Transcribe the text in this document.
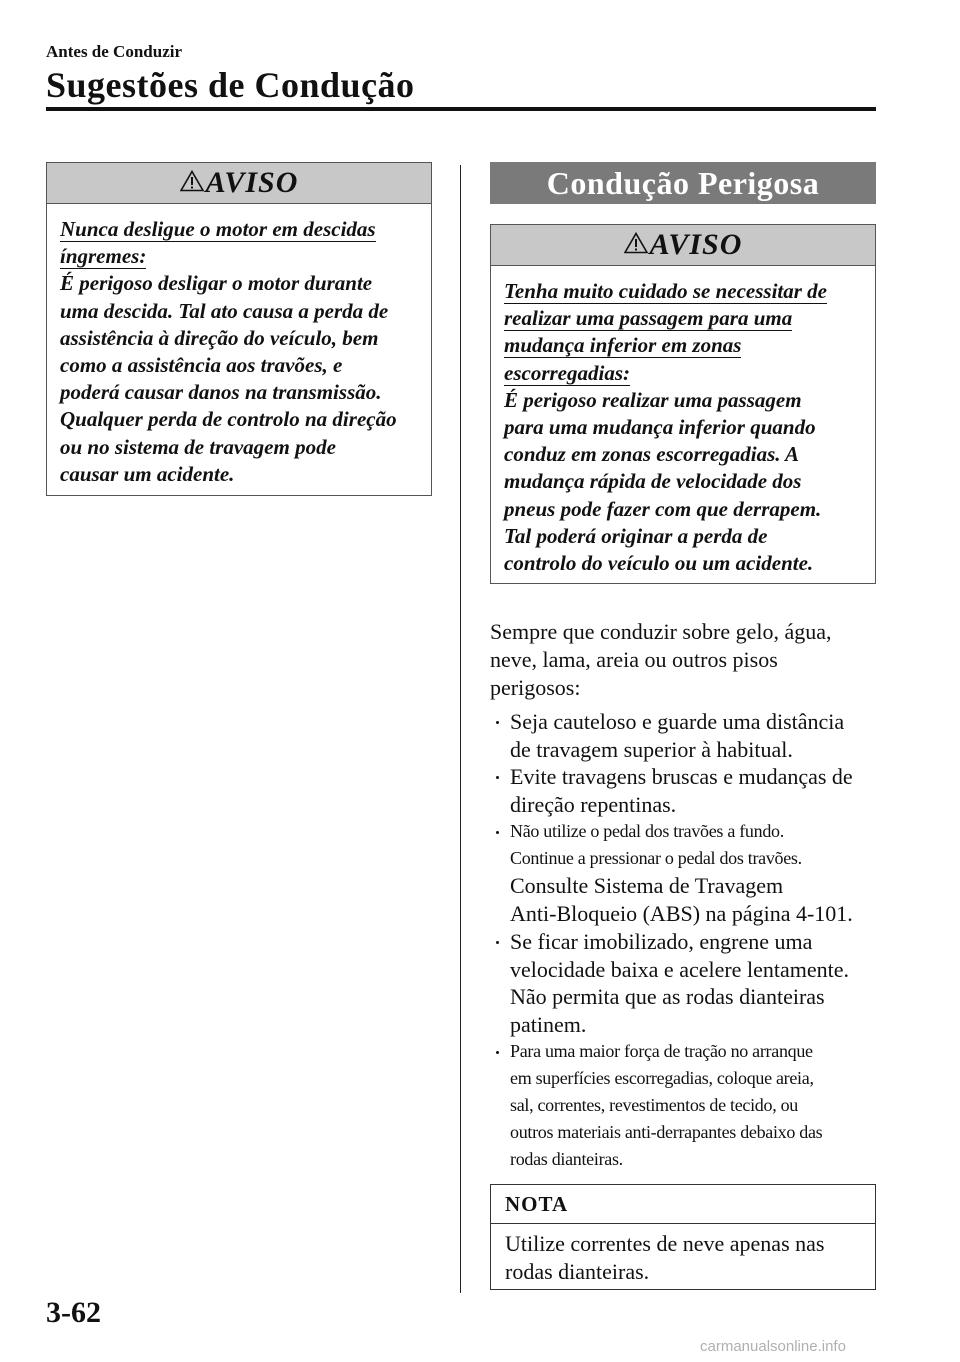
Antes de Conduzir
Sugestões de Condução
AVISO
Nunca desligue o motor em descidas
íngremes:
É perigoso desligar o motor durante
uma descida. Tal ato causa a perda de
assistência à direção do veículo, bem
como a assistência aos travões, e
poderá causar danos na transmissão.
Qualquer perda de controlo na direção
ou no sistema de travagem pode
causar um acidente.
Condução Perigosa
AVISO
Tenha muito cuidado se necessitar de
realizar uma passagem para uma
mudança inferior em zonas
escorregadias:
É perigoso realizar uma passagem
para uma mudança inferior quando
conduz em zonas escorregadias. A
mudança rápida de velocidade dos
pneus pode fazer com que derrapem.
Tal poderá originar a perda de
controlo do veículo ou um acidente.
Sempre que conduzir sobre gelo, água,
neve, lama, areia ou outros pisos
perigosos:
Seja cauteloso e guarde uma distância
de travagem superior à habitual.
Evite travagens bruscas e mudanças de
direção repentinas.
Não utilize o pedal dos travões a fundo.
Continue a pressionar o pedal dos travões.
Consulte Sistema de Travagem
Anti-Bloqueio (ABS) na página 4-101.
Se ficar imobilizado, engrene uma
velocidade baixa e acelere lentamente.
Não permita que as rodas dianteiras
patinem.
Para uma maior força de tração no arranque
em superfícies escorregadias, coloque areia,
sal, correntes, revestimentos de tecido, ou
outros materiais anti-derrapantes debaixo das
rodas dianteiras.
NOTA
Utilize correntes de neve apenas nas
rodas dianteiras.
3-62
carmanualsonline.info
